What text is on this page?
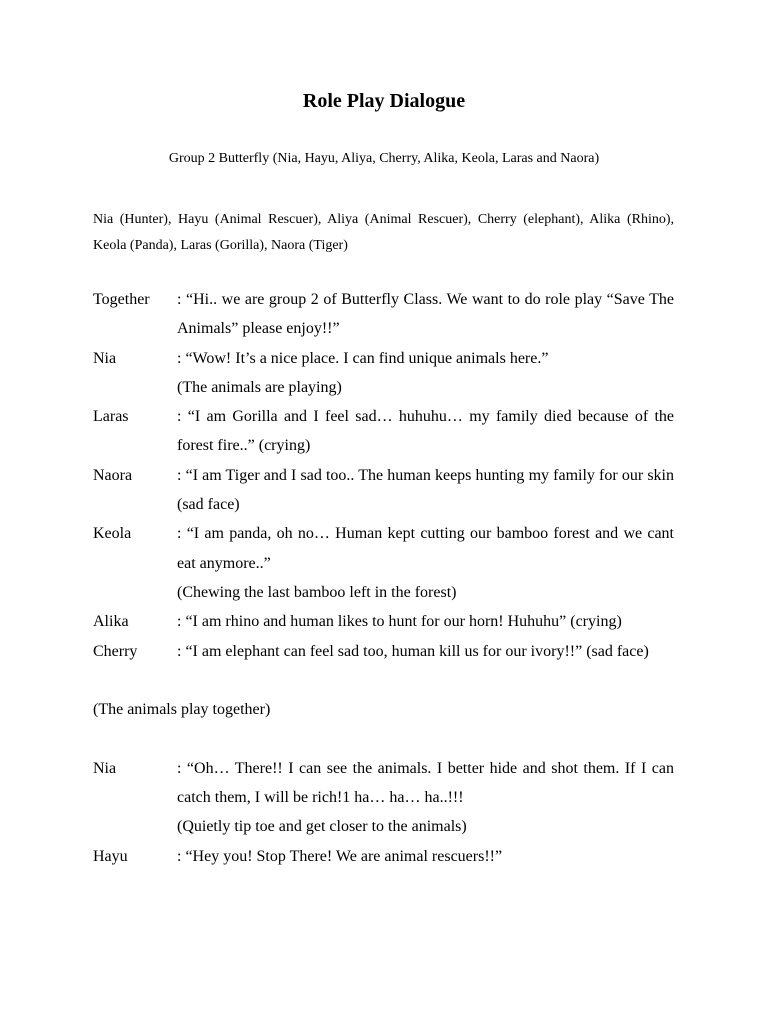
Role Play Dialogue
Group 2 Butterfly (Nia, Hayu, Aliya, Cherry, Alika, Keola, Laras and Naora)
Nia (Hunter), Hayu (Animal Rescuer), Aliya (Animal Rescuer), Cherry (elephant), Alika (Rhino), Keola (Panda), Laras (Gorilla), Naora (Tiger)
Together	: “Hi.. we are group 2 of Butterfly Class. We want to do role play “Save The Animals” please enjoy!!”
Nia	: “Wow! It’s a nice place. I can find unique animals here.”
(The animals are playing)
Laras	: “I am Gorilla and I feel sad… huhuhu… my family died because of the forest fire..” (crying)
Naora	: “I am Tiger and I sad too.. The human keeps hunting my family for our skin (sad face)
Keola	: “I am panda, oh no… Human kept cutting our bamboo forest and we cant eat anymore..”
(Chewing the last bamboo left in the forest)
Alika	: “I am rhino and human likes to hunt for our horn! Huhuhu” (crying)
Cherry	: “I am elephant can feel sad too, human kill us for our ivory!!” (sad face)
(The animals play together)
Nia	: “Oh… There!! I can see the animals. I better hide and shot them. If I can catch them, I will be rich!1 ha… ha… ha..!!!
(Quietly tip toe and get closer to the animals)
Hayu	: “Hey you! Stop There! We are animal rescuers!!”
